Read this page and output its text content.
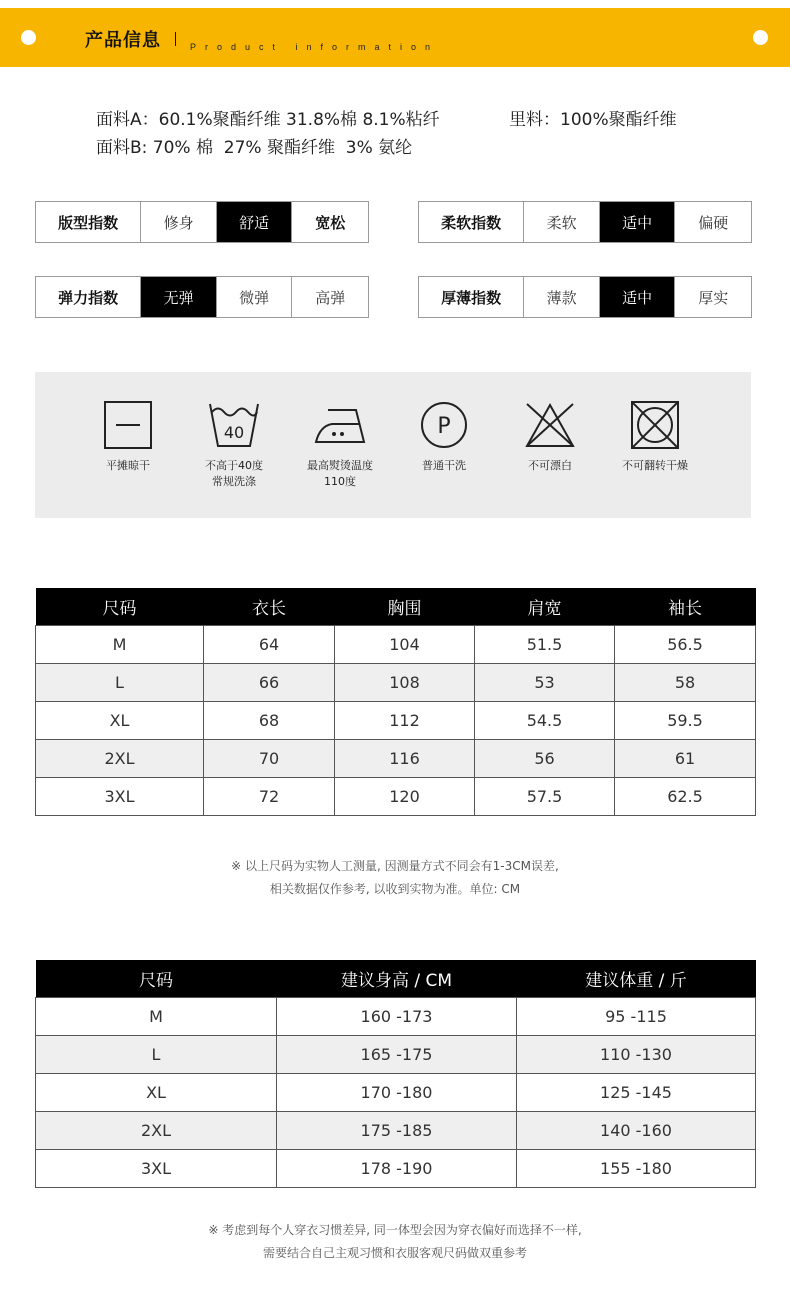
产品信息	Product information
面料A：60.1%聚酯纤维 31.8%棉 8.1%粘纤	里料：100%聚酯纤维
面料B: 70% 棉  27% 聚酯纤维  3% 氨纶
版型指数	修身	舒适	宽松	柔软指数	柔软	适中	偏硬
弹力指数	无弹	微弹	高弹	厚薄指数	薄款	适中	厚实
平摊晾干
40
不高于40度
常规洗涤
最高熨烫温度
110度
P
普通干洗	不可漂白	不可翻转干燥
尺码	衣长	胸围	肩宽	袖长
M	64	104	51.5	56.5
L	66	108	53	58
XL	68	112	54.5	59.5
2XL	70	116	56	61
3XL	72	120	57.5	62.5
※ 以上尺码为实物人工测量, 因测量方式不同会有1-3CM误差,
相关数据仅作参考, 以收到实物为准。单位: CM
尺码	建议身高 / CM	建议体重 / 斤
M	160 -173	95 -115
L	165 -175	110 -130
XL	170 -180	125 -145
2XL	175 -185	140 -160
3XL	178 -190	155 -180
※ 考虑到每个人穿衣习惯差异, 同一体型会因为穿衣偏好而选择不一样,
需要结合自己主观习惯和衣服客观尺码做双重参考
